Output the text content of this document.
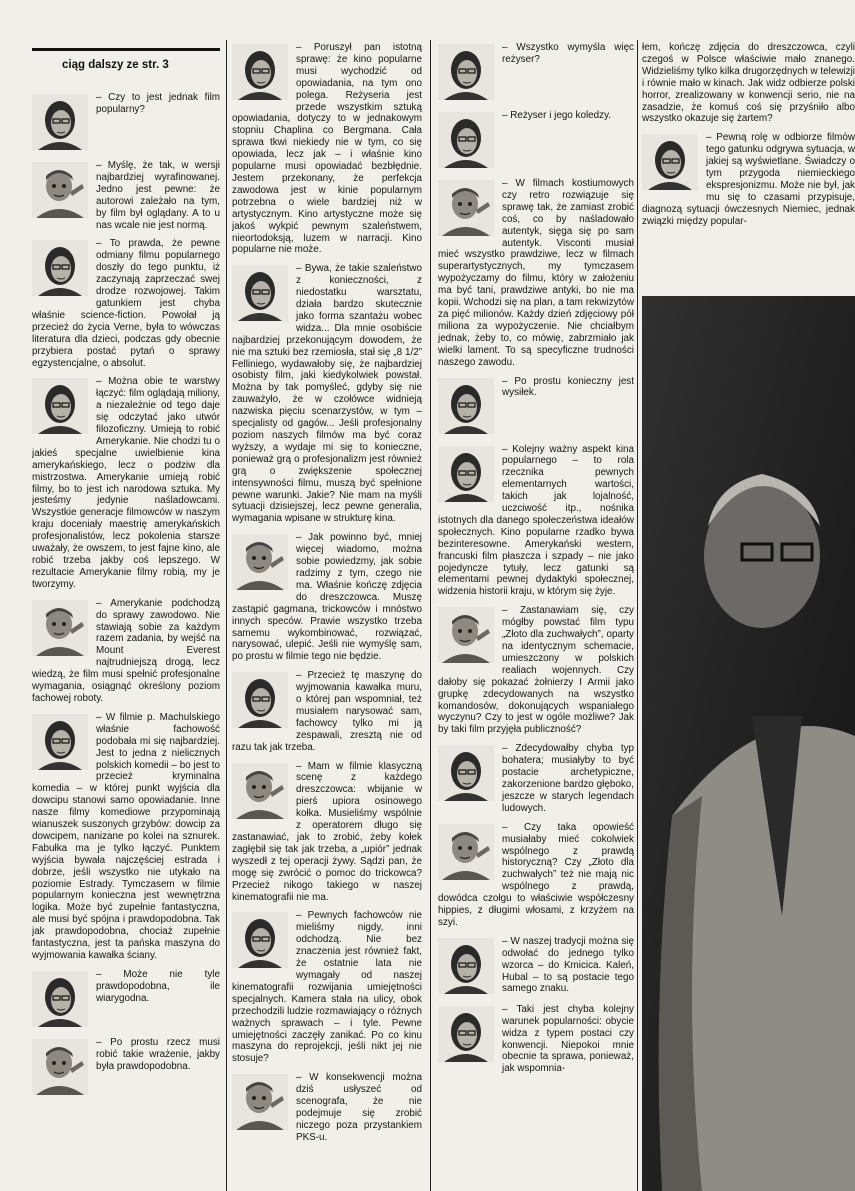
ciąg dalszy ze str. 3

– Czy to jest jednak film popularny?

– Myślę, że tak, w wersji najbardziej wyrafinowanej. Jedno jest pewne: że autorowi zależało na tym, by film był oglądany. A to u nas wcale nie jest normą.

– To prawda, że pewne odmiany filmu popularnego doszły do tego punktu, iż zaczynają zaprzeczać swej drodze rozwojowej. Takim gatunkiem jest chyba właśnie science-fiction. Powołał ją przecież do życia Verne, była to wówczas literatura dla dzieci, podczas gdy obecnie przybiera postać pytań o sprawy egzystencjalne, o absolut.

– Można obie te warstwy łączyć: film oglądają miliony, a niezależnie od tego daje się odczytać jako utwór filozoficzny. Umieją to robić Amerykanie. Nie chodzi tu o jakieś specjalne uwielbienie kina amerykańskiego, lecz o podziw dla mistrzostwa. Amerykanie umieją robić filmy, bo to jest ich narodowa sztuka. My jesteśmy jedynie naśladowcami. Wszystkie generacje filmowców w naszym kraju doceniały maestrię amerykańskich profesjonalistów, lecz pokolenia starsze uważały, że owszem, to jest fajne kino, ale robić trzeba jakby coś lepszego. W rezultacie Amerykanie filmy robią, my je tworzymy.

– Amerykanie podchodzą do sprawy zawodowo. Nie stawiają sobie za każdym razem zadania, by wejść na Mount Everest najtrudniejszą drogą, lecz wiedzą, że film musi spełnić profesjonalne wymagania, osiągnąć określony poziom fachowej roboty.

– W filmie p. Machulskiego właśnie fachowość podobała mi się najbardziej. Jest to jedna z nielicznych polskich komedii – bo jest to przecież kryminalna komedia – w której punkt wyjścia dla dowcipu stanowi samo opowiadanie. Inne nasze filmy komediowe przypominają wianuszek suszonych grzybów: dowcip za dowcipem, nanizane po kolei na sznurek. Fabułka ma je tylko łączyć. Punktem wyjścia bywała najczęściej estrada i dobrze, jeśli wszystko nie utykało na poziomie Estrady. Tymczasem w filmie popularnym konieczna jest wewnętrzna logika. Może być zupełnie fantastyczna, ale musi być spójna i prawdopodobna. Tak jak prawdopodobna, chociaż zupełnie fantastyczna, jest ta pańska maszyna do wyjmowania kawałka ściany.

– Może nie tyle prawdopodobna, ile wiarygodna.

– Po prostu rzecz musi robić takie wrażenie, jakby była prawdopodobna.

– Poruszył pan istotną sprawę: że kino popularne musi wychodzić od opowiadania, na tym ono polega. Reżyseria jest przede wszystkim sztuką opowiadania, dotyczy to w jednakowym stopniu Chaplina co Bergmana. Cała sprawa tkwi niekiedy nie w tym, co się opowiada, lecz jak – i właśnie kino popularne musi opowiadać bezbłędnie. Jestem przekonany, że perfekcja zawodowa jest w kinie popularnym potrzebna o wiele bardziej niż w artystycznym. Kino artystyczne może się jakoś wykpić pewnym szaleństwem, nieortodoksją, luzem w narracji. Kino popularne nie może.

– Bywa, że takie szaleństwo z konieczności, z niedostatku warsztatu, działa bardzo skutecznie jako forma szantażu wobec widza... Dla mnie osobiście najbardziej przekonującym dowodem, że nie ma sztuki bez rzemiosła, stał się „8 1/2” Felliniego, wydawałoby się, że najbardziej osobisty film, jaki kiedykolwiek powstał. Można by tak pomyśleć, gdyby się nie zauważyło, że w czołówce widnieją nazwiska pięciu scenarzystów, w tym – specjalisty od gagów... Jeśli profesjonalny poziom naszych filmów ma być coraz wyższy, a wydaje mi się to konieczne, ponieważ grą o profesjonalizm jest również grą o zwiększenie społecznej intensywności filmu, muszą być spełnione pewne warunki. Jakie? Nie mam na myśli sytuacji dzisiejszej, lecz pewne generalia, wymagania wpisane w strukturę kina.

– Jak powinno być, mniej więcej wiadomo, można sobie powiedzmy, jak sobie radzimy z tym, czego nie ma. Właśnie kończę zdjęcia do dreszczowca. Muszę zastąpić gagmana, trickowców i mnóstwo innych speców. Prawie wszystko trzeba samemu wykombinować, rozwiązać, narysować, ulepić. Jeśli nie wymyślę sam, po prostu w filmie tego nie będzie.

– Przecież tę maszynę do wyjmowania kawałka muru, o której pan wspomniał, też musiałem narysować sam, fachowcy tylko mi ją zespawali, zresztą nie od razu tak jak trzeba.

– Mam w filmie klasyczną scenę z każdego dreszczowca: wbijanie w pierś upiora osinowego kołka. Musieliśmy wspólnie z operatorem długo się zastanawiać, jak to zrobić, żeby kołek zagłębił się tak jak trzeba, a „upiór” jednak wyszedł z tej operacji żywy. Sądzi pan, że mogę się zwrócić o pomoc do trickowca? Przecież nikogo takiego w naszej kinematografii nie ma.

– Pewnych fachowców nie mieliśmy nigdy, inni odchodzą. Nie bez znaczenia jest również fakt, że ostatnie lata nie wymagały od naszej kinematografii rozwijania umiejętności specjalnych. Kamera stała na ulicy, obok przechodzili ludzie rozmawiający o różnych ważnych sprawach – i tyle. Pewne umiejętności zaczęły zanikać. Po co kinu maszyna do reprojekcji, jeśli nikt jej nie stosuje?

– W konsekwencji można dziś usłyszeć od scenografa, że nie podejmuje się zrobić niczego poza przystankiem PKS-u.

– Wszystko wymyśla więc reżyser?

– Reżyser i jego koledzy.

– W filmach kostiumowych czy retro rozwiązuje się sprawę tak, że zamiast zrobić coś, co by naśladowało autentyk, sięga się po sam autentyk. Visconti musiał mieć wszystko prawdziwe, lecz w filmach superartystycznych, my tymczasem wypożyczamy do filmu, który w założeniu ma być tani, prawdziwe antyki, bo nie ma kopii. Wchodzi się na plan, a tam rekwizytów za pięć milionów. Każdy dzień zdjęciowy pół miliona za wypożyczenie. Nie chciałbym jednak, żeby to, co mówię, zabrzmiało jak wielki lament. To są specyficzne trudności naszego zawodu.

– Po prostu konieczny jest wysiłek.

– Kolejny ważny aspekt kina popularnego – to rola rzecznika pewnych elementarnych wartości, takich jak lojalność, uczciwość itp., nośnika istotnych dla danego społeczeństwa ideałów społecznych. Kino popularne rzadko bywa bezinteresowne. Amerykański western, francuski film płaszcza i szpady – nie jako pojedyncze tytuły, lecz gatunki są elementami pewnej dydaktyki społecznej, widzenia historii kraju, w którym się żyje.

– Zastanawiam się, czy mógłby powstać film typu „Złoto dla zuchwałych”, oparty na identycznym schemacie, umieszczony w polskich realiach wojennych. Czy dałoby się pokazać żołnierzy I Armii jako grupkę zdecydowanych na wszystko komandosów, dokonujących wspaniałego wyczynu? Czy to jest w ogóle możliwe? Jak by taki film przyjęła publiczność?

– Zdecydowałby chyba typ bohatera; musiałyby to być postacie archetypiczne, zakorzenione bardzo głęboko, jeszcze w starych legendach ludowych.

– Czy taka opowieść musiałaby mieć cokolwiek wspólnego z prawdą historyczną? Czy „Złoto dla zuchwałych” też nie mają nic wspólnego z prawdą, dowódca czołgu to właściwie współczesny hippies, z długimi włosami, z krzyżem na szyi.

– W naszej tradycji można się odwołać do jednego tylko wzorca – do Kmicica. Kaleń, Hubal – to są postacie tego samego znaku.

– Taki jest chyba kolejny warunek popularności: obycie widza z typem postaci czy konwencji. Niepokoi mnie obecnie ta sprawa, ponieważ, jak wspomnia-

łem, kończę zdjęcia do dreszczowca, czyli czegoś w Polsce właściwie mało znanego. Widzieliśmy tylko kilka drugorzędnych w telewizji i równie mało w kinach. Jak widz odbierze polski horror, zrealizowany w konwencji serio, nie na zasadzie, że komuś coś się przyśniło albo wszystko okazuje się żartem?

– Pewną rolę w odbiorze filmów tego gatunku odgrywa sytuacja, w jakiej są wyświetlane. Świadczy o tym przygoda niemieckiego ekspresjonizmu. Może nie był, jak mu się to czasami przypisuje, diagnozą sytuacji ówczesnych Niemiec, jednak związki między popular-
